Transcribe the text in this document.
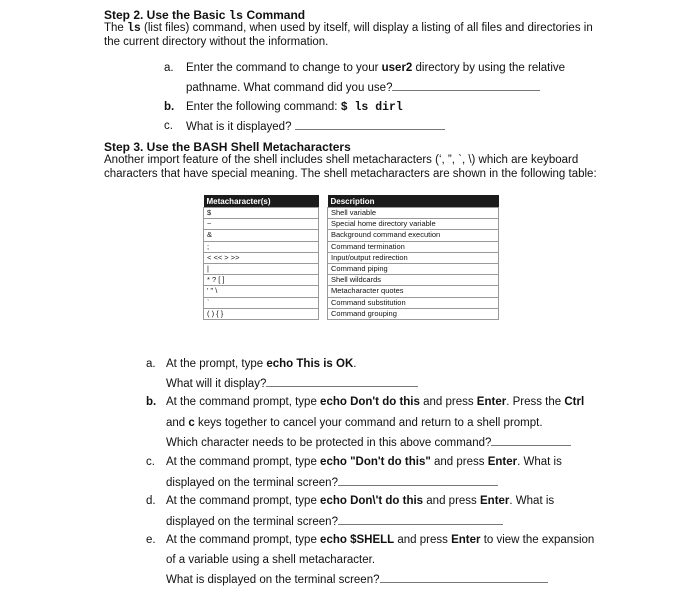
Step 2. Use the Basic ls Command
The ls (list files) command, when used by itself, will display a listing of all files and directories in
the current directory without the information.
a. Enter the command to change to your user2 directory by using the relative
pathname. What command did you use?
b. Enter the following command: $ ls dirl
c. What is it displayed?
Step 3. Use the BASH Shell Metacharacters
Another import feature of the shell includes shell metacharacters (‘, ”, `, \) which are keyboard
characters that have special meaning. The shell metacharacters are shown in the following table:
Metacharacter(s)		Description
$		Shell variable
~		Special home directory variable
&		Background command execution
;		Command termination
< << > >>		Input/output redirection
|		Command piping
* ? [ ]		Shell wildcards
' " \		Metacharacter quotes
`		Command substitution
( ) { }		Command grouping
a. At the prompt, type echo This is OK.
What will it display?
b. At the command prompt, type echo Don't do this and press Enter. Press the Ctrl
and c keys together to cancel your command and return to a shell prompt.
Which character needs to be protected in this above command?
c. At the command prompt, type echo "Don't do this" and press Enter. What is
displayed on the terminal screen?
d. At the command prompt, type echo Don\'t do this and press Enter. What is
displayed on the terminal screen?
e. At the command prompt, type echo $SHELL and press Enter to view the expansion
of a variable using a shell metacharacter.
What is displayed on the terminal screen?
